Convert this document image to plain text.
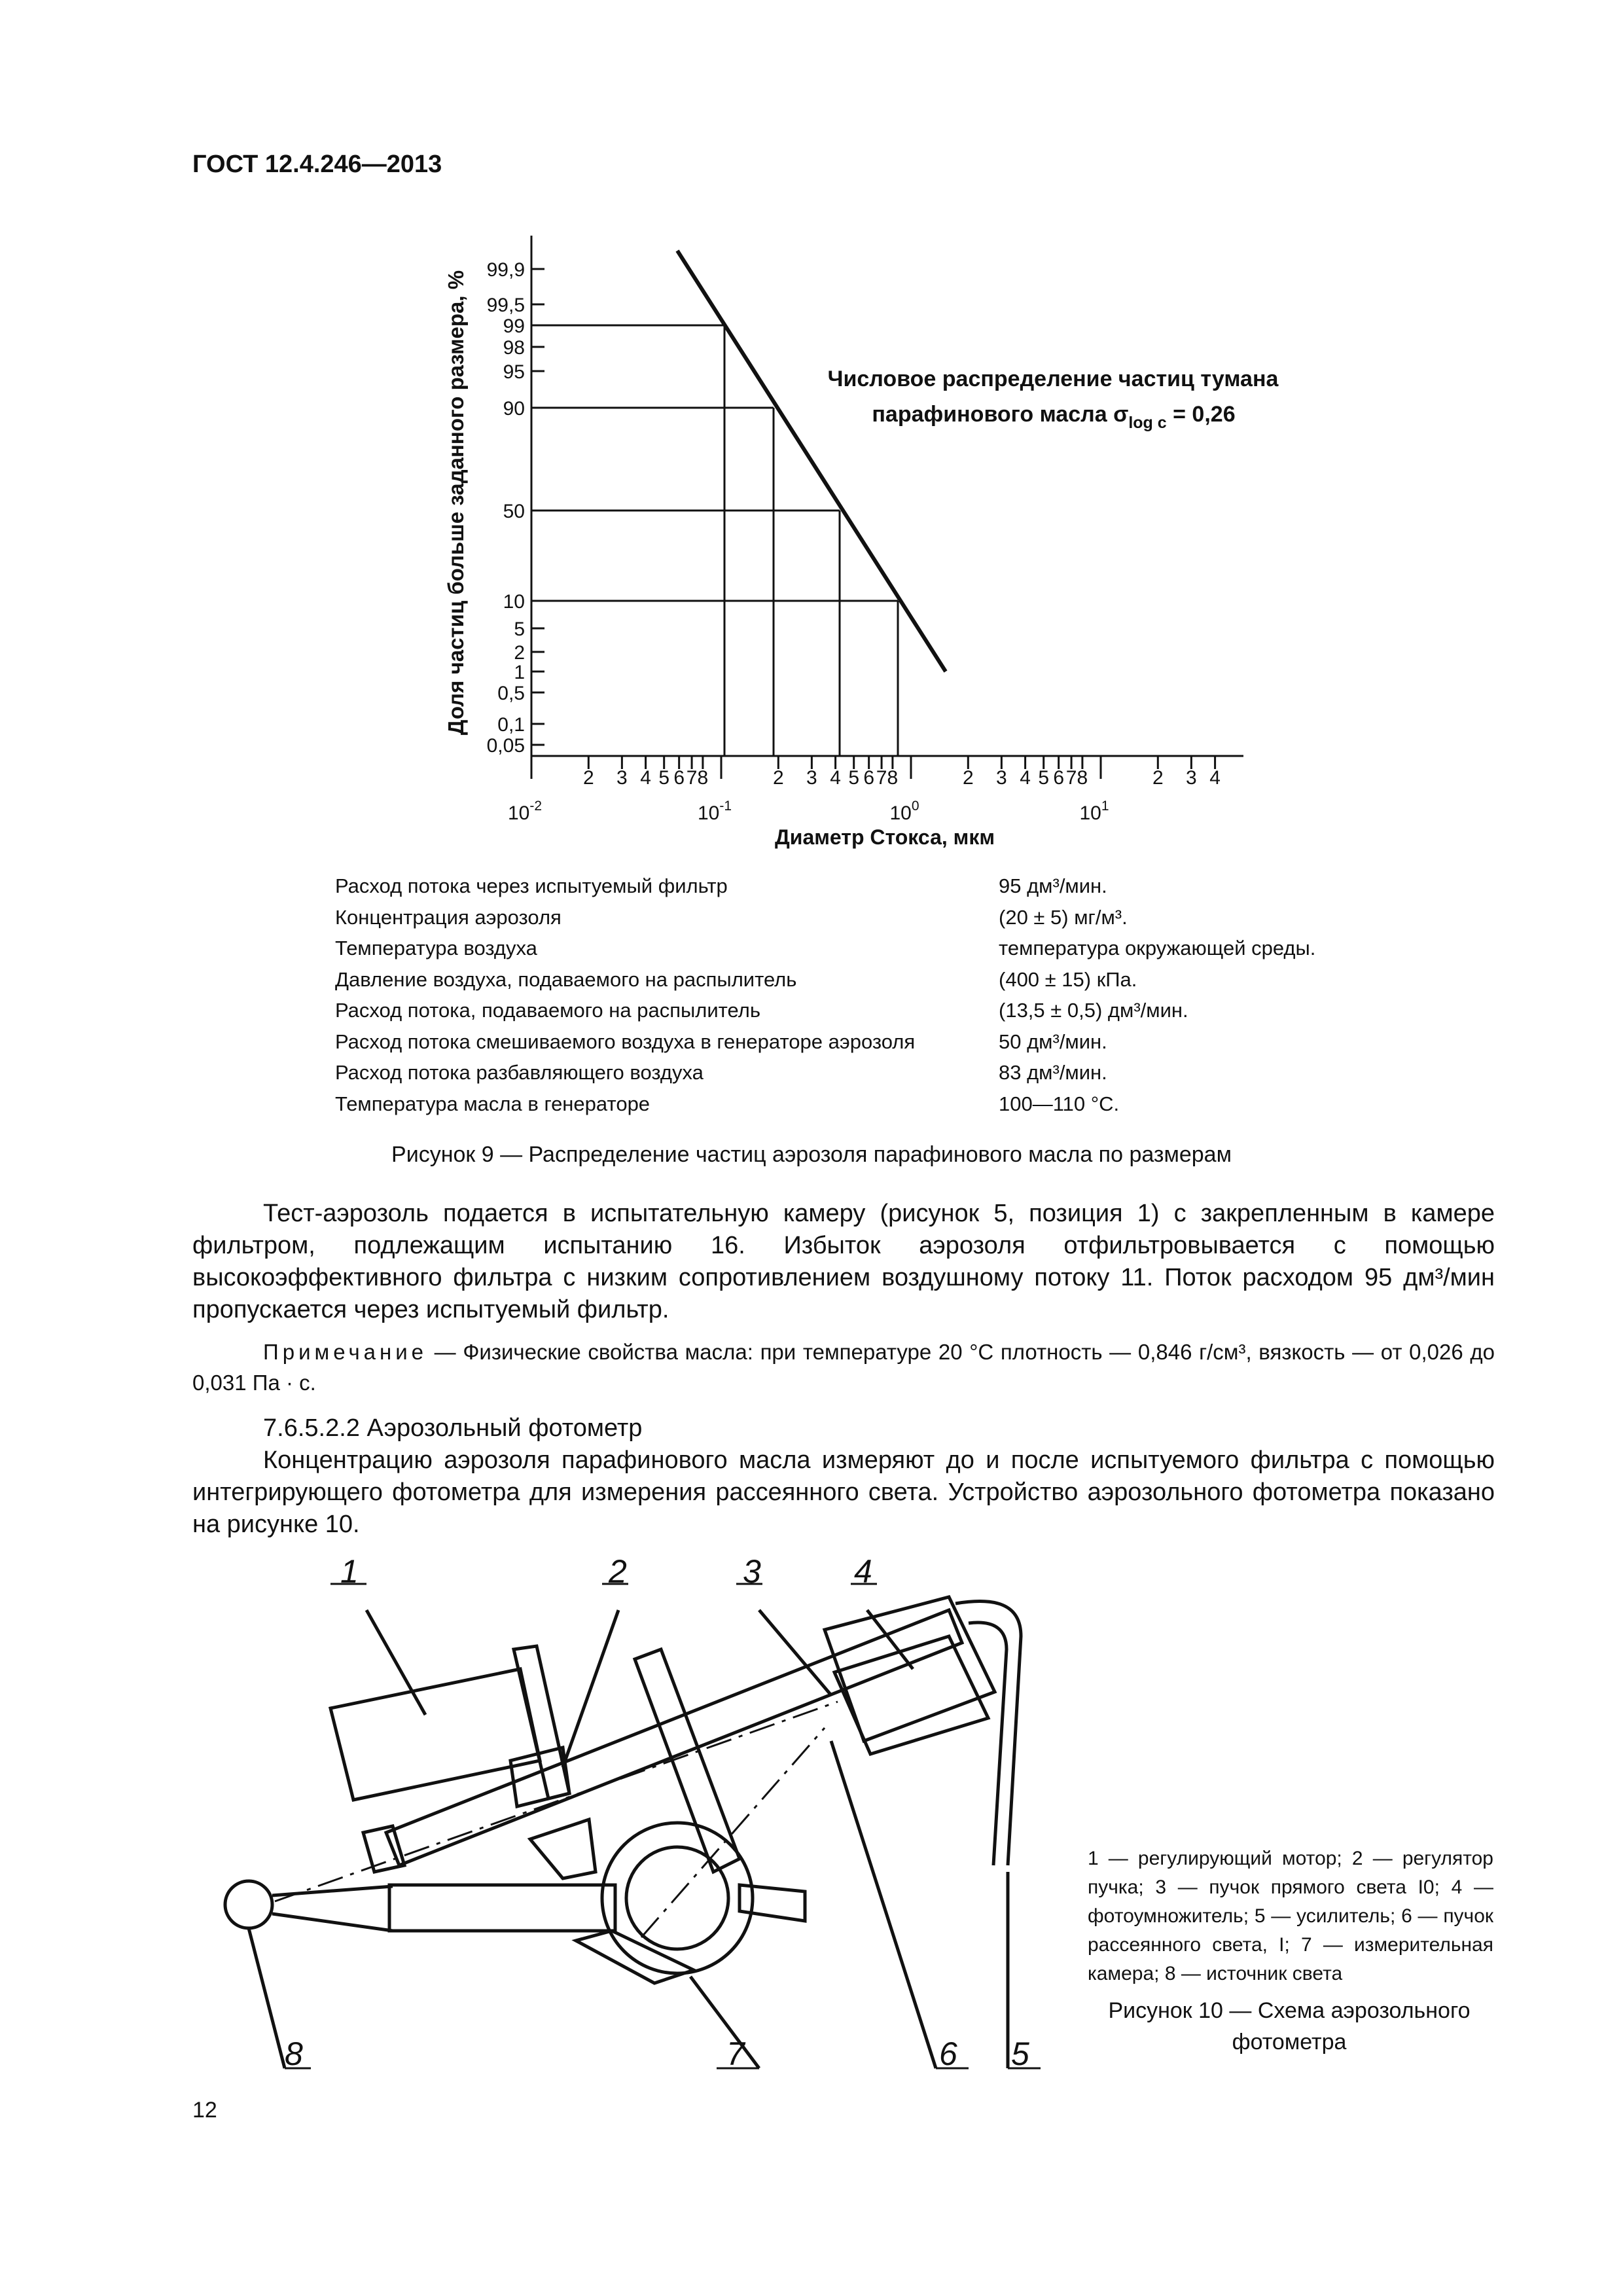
ГОСТ 12.4.246—2013
99,9
99,5
99
98
95
90
50
10
5
2
1
0,5
0,1
0,05
2 3 4 5 6 7 8	2 3 4 5 6 7 8	2 3 4 5 6 7 8	2 3 4
Доля частиц больше заданного размера, %
Диаметр Стокса, мкм
Числовое распределение частиц тумана
парафинового масла $\sigma_{log c} = 0,26$
$10^{-2}$	$10^{-1}$	$10^0$	$10^1$
Расход потока через испытуемый фильтр	95 дм³/мин.
Концентрация аэрозоля	(20 ± 5) мг/м³.
Температура воздуха	температура окружающей среды.
Давление воздуха, подаваемого на распылитель	(400 ± 15) кПа.
Расход потока, подаваемого на распылитель	(13,5 ± 0,5) дм³/мин.
Расход потока смешиваемого воздуха в генераторе аэрозоля	50 дм³/мин.
Расход потока разбавляющего воздуха	83 дм³/мин.
Температура масла в генераторе	100—110 °С.
Рисунок 9 — Распределение частиц аэрозоля парафинового масла по размерам
Тест-аэрозоль подается в испытательную камеру (рисунок 5, позиция 1) с закрепленным в камере фильтром, подлежащим испытанию 16. Избыток аэрозоля отфильтровывается с помощью высокоэффективного фильтра с низким сопротивлением воздушному потоку 11. Поток расходом 95 дм³/мин пропускается через испытуемый фильтр.
Примечание — Физические свойства масла: при температуре 20 °С плотность — 0,846 г/см³, вязкость — от 0,026 до 0,031 Па · с.
7.6.5.2.2 Аэрозольный фотометр
Концентрацию аэрозоля парафинового масла измеряют до и после испытуемого фильтра с помощью интегрирующего фотометра для измерения рассеянного света. Устройство аэрозольного фотометра показано на рисунке 10.
1	2	3	4
5
6
7
8
1 — регулирующий мотор; 2 — регулятор пучка; 3 — пучок прямого света I0; 4 — фотоумножитель; 5 — усилитель; 6 — пучок рассеянного света, I; 7 — измерительная камера; 8 — источник света
Рисунок 10 — Схема аэрозольного фотометра
12
